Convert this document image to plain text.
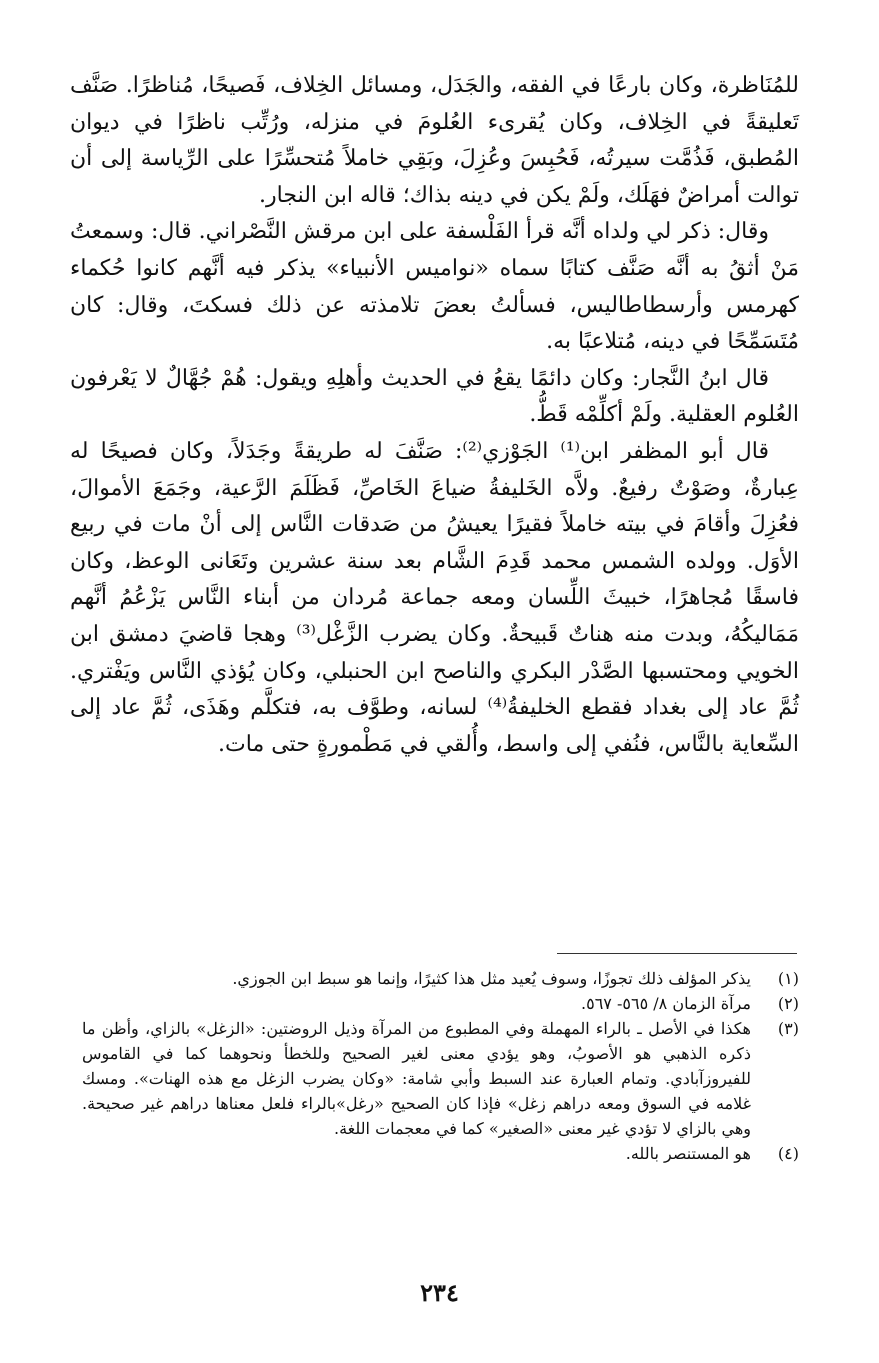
للمُنَاظرة، وكان بارعًا في الفقه، والجَدَل، ومسائل الخِلاف، فَصيحًا، مُناظرًا. صَنَّف تَعليقةً في الخِلاف، وكان يُقرىء العُلومَ في منزله، ورُتِّب ناظرًا في ديوان المُطبق، فَذُمَّت سيرتُه، فَحُبِسَ وعُزِلَ، وبَقِي خاملاً مُتحسِّرًا على الرِّياسة إلى أن توالت أمراضٌ فهَلَك، ولَمْ يكن في دينه بذاك؛ قاله ابن النجار.

وقال: ذكر لي ولداه أنَّه قرأ الفَلْسفة على ابن مرقش النَّصْراني. قال: وسمعتُ مَنْ أثقُ به أنَّه صَنَّف كتابًا سماه «نواميس الأنبياء» يذكر فيه أنَّهم كانوا حُكماء كهرمس وأرسطاطاليس، فسألتُ بعضَ تلامذته عن ذلك فسكتَ، وقال: كان مُتَسَمِّحًا في دينه، مُتلاعبًا به.

قال ابنُ النَّجار: وكان دائمًا يقعُ في الحديث وأهلِهِ ويقول: هُمْ جُهَّالٌ لا يَعْرفون العُلوم العقلية. ولَمْ أكلِّمْه قَطُّ.

قال أبو المظفر ابن⁽¹⁾ الجَوْزي⁽²⁾: صَنَّفَ له طريقةً وجَدَلاً، وكان فصيحًا له عِبارةٌ، وصَوْتٌ رفيعٌ. ولاَّه الخَليفةُ ضياعَ الخَاصِّ، فَظَلَمَ الرَّعية، وجَمَعَ الأموالَ، فعُزِلَ وأقامَ في بيته خاملاً فقيرًا يعيشُ من صَدقات النَّاس إلى أنْ مات في ربيع الأوَل. وولده الشمس محمد قَدِمَ الشَّام بعد سنة عشرين وتَعَانى الوعظ، وكان فاسقًا مُجاهرًا، خبيثَ اللِّسان ومعه جماعة مُردان من أبناء النَّاس يَزْعُمُ أنَّهم مَمَاليكُهُ، وبدت منه هناتٌ قَبيحةٌ. وكان يضرب الزَّغْل⁽³⁾ وهجا قاضيَ دمشق ابن الخويي ومحتسبها الصَّدْر البكري والناصح ابن الحنبلي، وكان يُؤذي النَّاس ويَفْتري. ثُمَّ عاد إلى بغداد فقطع الخليفةُ⁽⁴⁾ لسانه، وطوَّف به، فتكلَّم وهَذَى، ثُمَّ عاد إلى السِّعاية بالنَّاس، فنُفي إلى واسط، وأُلقي في مَطْمورةٍ حتى مات.

(١)
يذكر المؤلف ذلك تجوزًا، وسوف يُعيد مثل هذا كثيرًا، وإنما هو سبط ابن الجوزي.
(٢)
مرآة الزمان ٨/ ٥٦٥- ٥٦٧.
(٣)
هكذا في الأصل ـ بالراء المهملة وفي المطبوع من المرآة وذيل الروضتين: «الزغل» بالزاي، وأظن ما ذكره الذهبي هو الأصوبُ، وهو يؤدي معنى لغير الصحيح وللخطأ ونحوهما كما في القاموس للفيروزآبادي. وتمام العبارة عند السبط وأبي شامة: «وكان يضرب الزغل مع هذه الهنات». ومسك غلامه في السوق ومعه دراهم زغل» فإذا كان الصحيح «رغل»بالراء فلعل معناها دراهم غير صحيحة. وهي بالزاي لا تؤدي غير معنى «الصغير» كما في معجمات اللغة.
(٤)
هو المستنصر بالله.
٢٣٤
